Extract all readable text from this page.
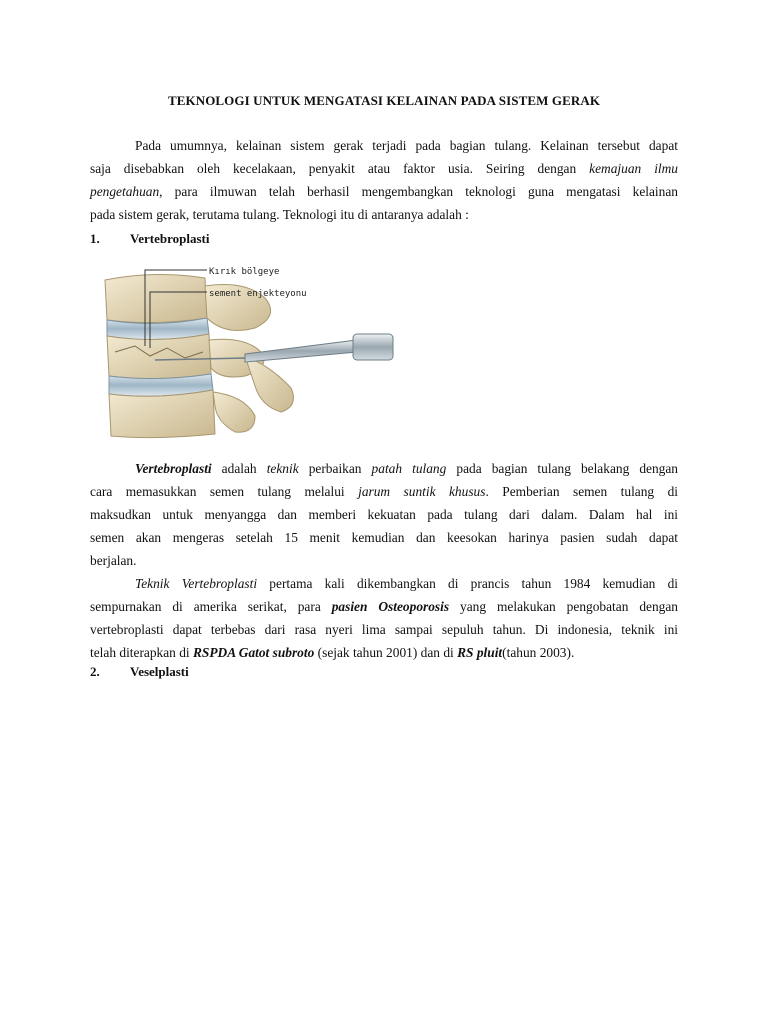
TEKNOLOGI UNTUK MENGATASI KELAINAN PADA SISTEM GERAK
Pada umumnya, kelainan sistem gerak terjadi pada bagian tulang. Kelainan tersebut dapat
saja disebabkan oleh kecelakaan, penyakit atau faktor usia. Seiring dengan kemajuan ilmu
pengetahuan, para ilmuwan telah berhasil mengembangkan teknologi guna mengatasi kelainan
pada sistem gerak, terutama tulang. Teknologi itu di antaranya adalah :
1. Vertebroplasti
Kırık bölgeye
sement enjekteyonu
Vertebroplasti adalah teknik perbaikan patah tulang pada bagian tulang belakang dengan
cara memasukkan semen tulang melalui jarum suntik khusus. Pemberian semen tulang di
maksudkan untuk menyangga dan memberi kekuatan pada tulang dari dalam. Dalam hal ini
semen akan mengeras setelah 15 menit kemudian dan keesokan harinya pasien sudah dapat
berjalan.
Teknik Vertebroplasti pertama kali dikembangkan di prancis tahun 1984 kemudian di
sempurnakan di amerika serikat, para pasien Osteoporosis yang melakukan pengobatan dengan
vertebroplasti dapat terbebas dari rasa nyeri lima sampai sepuluh tahun. Di indonesia, teknik ini
telah diterapkan di RSPDA Gatot subroto (sejak tahun 2001) dan di RS pluit(tahun 2003).
2. Veselplasti
